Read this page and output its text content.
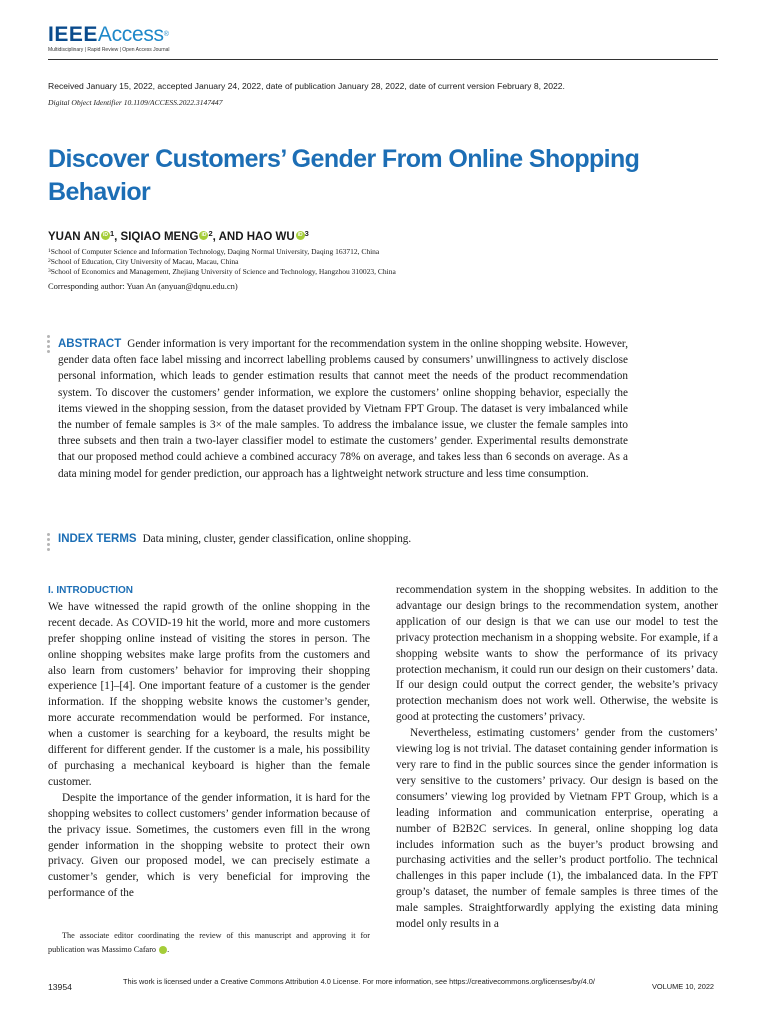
IEEEAccess®
Multidisciplinary | Rapid Review | Open Access Journal
Received January 15, 2022, accepted January 24, 2022, date of publication January 28, 2022, date of current version February 8, 2022.
Digital Object Identifier 10.1109/ACCESS.2022.3147447
Discover Customers’ Gender From Online Shopping Behavior
YUAN AN iD $^1$, SIQIAO MENG iD $^2$, AND HAO WU iD $^3$
$^1$School of Computer Science and Information Technology, Daqing Normal University, Daqing 163712, China
$^2$School of Education, City University of Macau, Macau, China
$^3$School of Economics and Management, Zhejiang University of Science and Technology, Hangzhou 310023, China
Corresponding author: Yuan An (anyuan@dqnu.edu.cn)
ABSTRACT Gender information is very important for the recommendation system in the online shopping website. However, gender data often face label missing and incorrect labelling problems caused by consumers’ unwillingness to actively disclose personal information, which leads to gender estimation results that cannot meet the needs of the product recommendation system. To discover the customers’ gender information, we explore the customers’ online shopping behavior, especially the items viewed in the shopping session, from the dataset provided by Vietnam FPT Group. The dataset is very imbalanced while the number of female samples is 3× of the male samples. To address the imbalance issue, we cluster the female samples into three subsets and then train a two-layer classifier model to estimate the customers’ gender. Experimental results demonstrate that our proposed method could achieve a combined accuracy 78% on average, and takes less than 6 seconds on average. As a data mining model for gender prediction, our approach has a lightweight network structure and less time consumption.
INDEX TERMS Data mining, cluster, gender classification, online shopping.
I. INTRODUCTION

We have witnessed the rapid growth of the online shopping in the recent decade. As COVID-19 hit the world, more and more customers prefer shopping online instead of visiting the stores in person. The online shopping websites make large profits from the customers and also learn from customers’ behavior for improving their shopping experience [1]–[4]. One important feature of a customer is the gender information. If the shopping website knows the customer’s gender, more accurate recommendation would be performed. For instance, when a customer is searching for a keyboard, the results might be different for different gender. If the customer is a male, his possibility of purchasing a mechanical keyboard is higher than the female customer.

Despite the importance of the gender information, it is hard for the shopping websites to collect customers’ gender information because of the privacy issue. Sometimes, the customers even fill in the wrong gender information in the shopping website to protect their own privacy. Given our proposed model, we can precisely estimate a customer’s gender, which is very beneficial for improving the performance of the

The associate editor coordinating the review of this manuscript and approving it for publication was Massimo Cafaro	iD.

recommendation system in the shopping websites. In addition to the advantage our design brings to the recommendation system, another application of our design is that we can use our model to test the privacy protection mechanism in a shopping website. For example, if a shopping website wants to show the performance of its privacy protection mechanism, it could run our design on their customers’ data. If our design could output the correct gender, the website’s privacy protection mechanism does not work well. Otherwise, the website is good at protecting the customers’ privacy.

Nevertheless, estimating customers’ gender from the customers’ viewing log is not trivial. The dataset containing gender information is very rare to find in the public sources since the gender information is very sensitive to the customers’ privacy. Our design is based on the consumers’ viewing log provided by Vietnam FPT Group, which is a leading information and communication enterprise, operating a number of B2B2C services. In general, online shopping log data includes information such as the buyer’s product browsing and purchasing activities and the seller’s product portfolio. The technical challenges in this paper include (1), the imbalanced data. In the FPT group’s dataset, the number of female samples is three times of the male samples. Straightforwardly applying the existing data mining model only results in a

13954
This work is licensed under a Creative Commons Attribution 4.0 License. For more information, see https://creativecommons.org/licenses/by/4.0/
VOLUME 10, 2022
